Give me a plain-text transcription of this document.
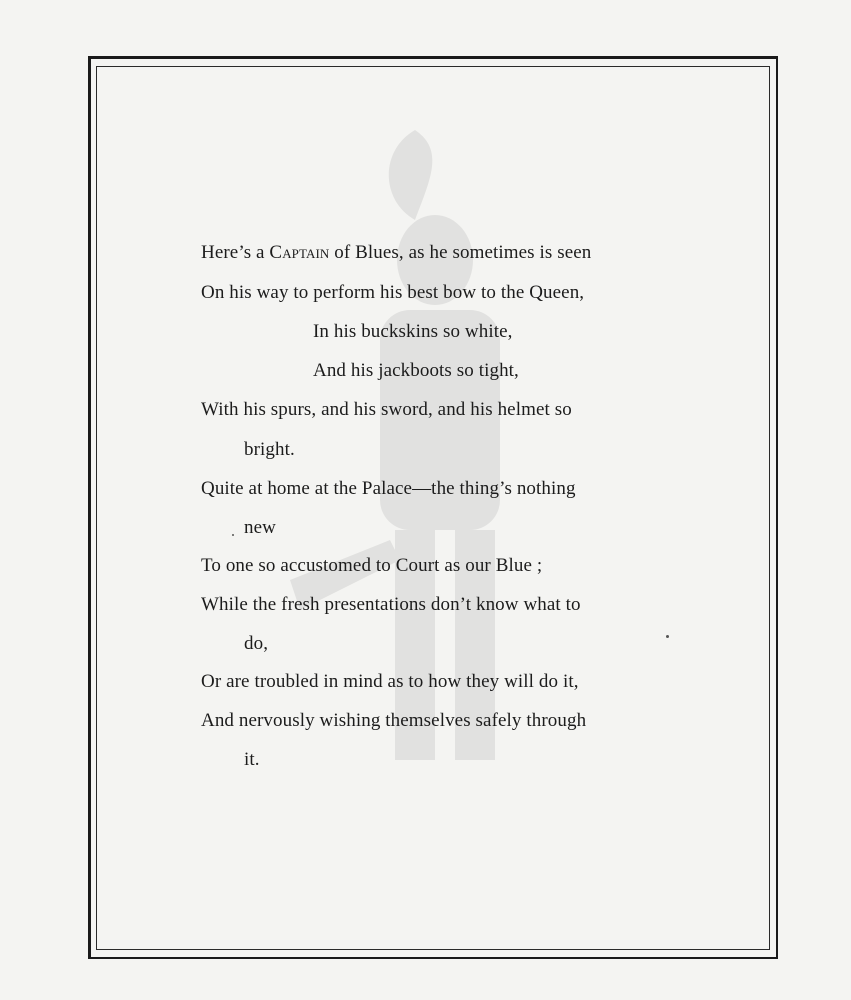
Here’s a Captain of Blues, as he sometimes is seen
On his way to perform his best bow to the Queen,
In his buckskins so white,
And his jackboots so tight,
With his spurs, and his sword, and his helmet so
bright.
Quite at home at the Palace—the thing’s nothing
new
To one so accustomed to Court as our Blue ;
While the fresh presentations don’t know what to
do,
Or are troubled in mind as to how they will do it,
And nervously wishing themselves safely through
it.
